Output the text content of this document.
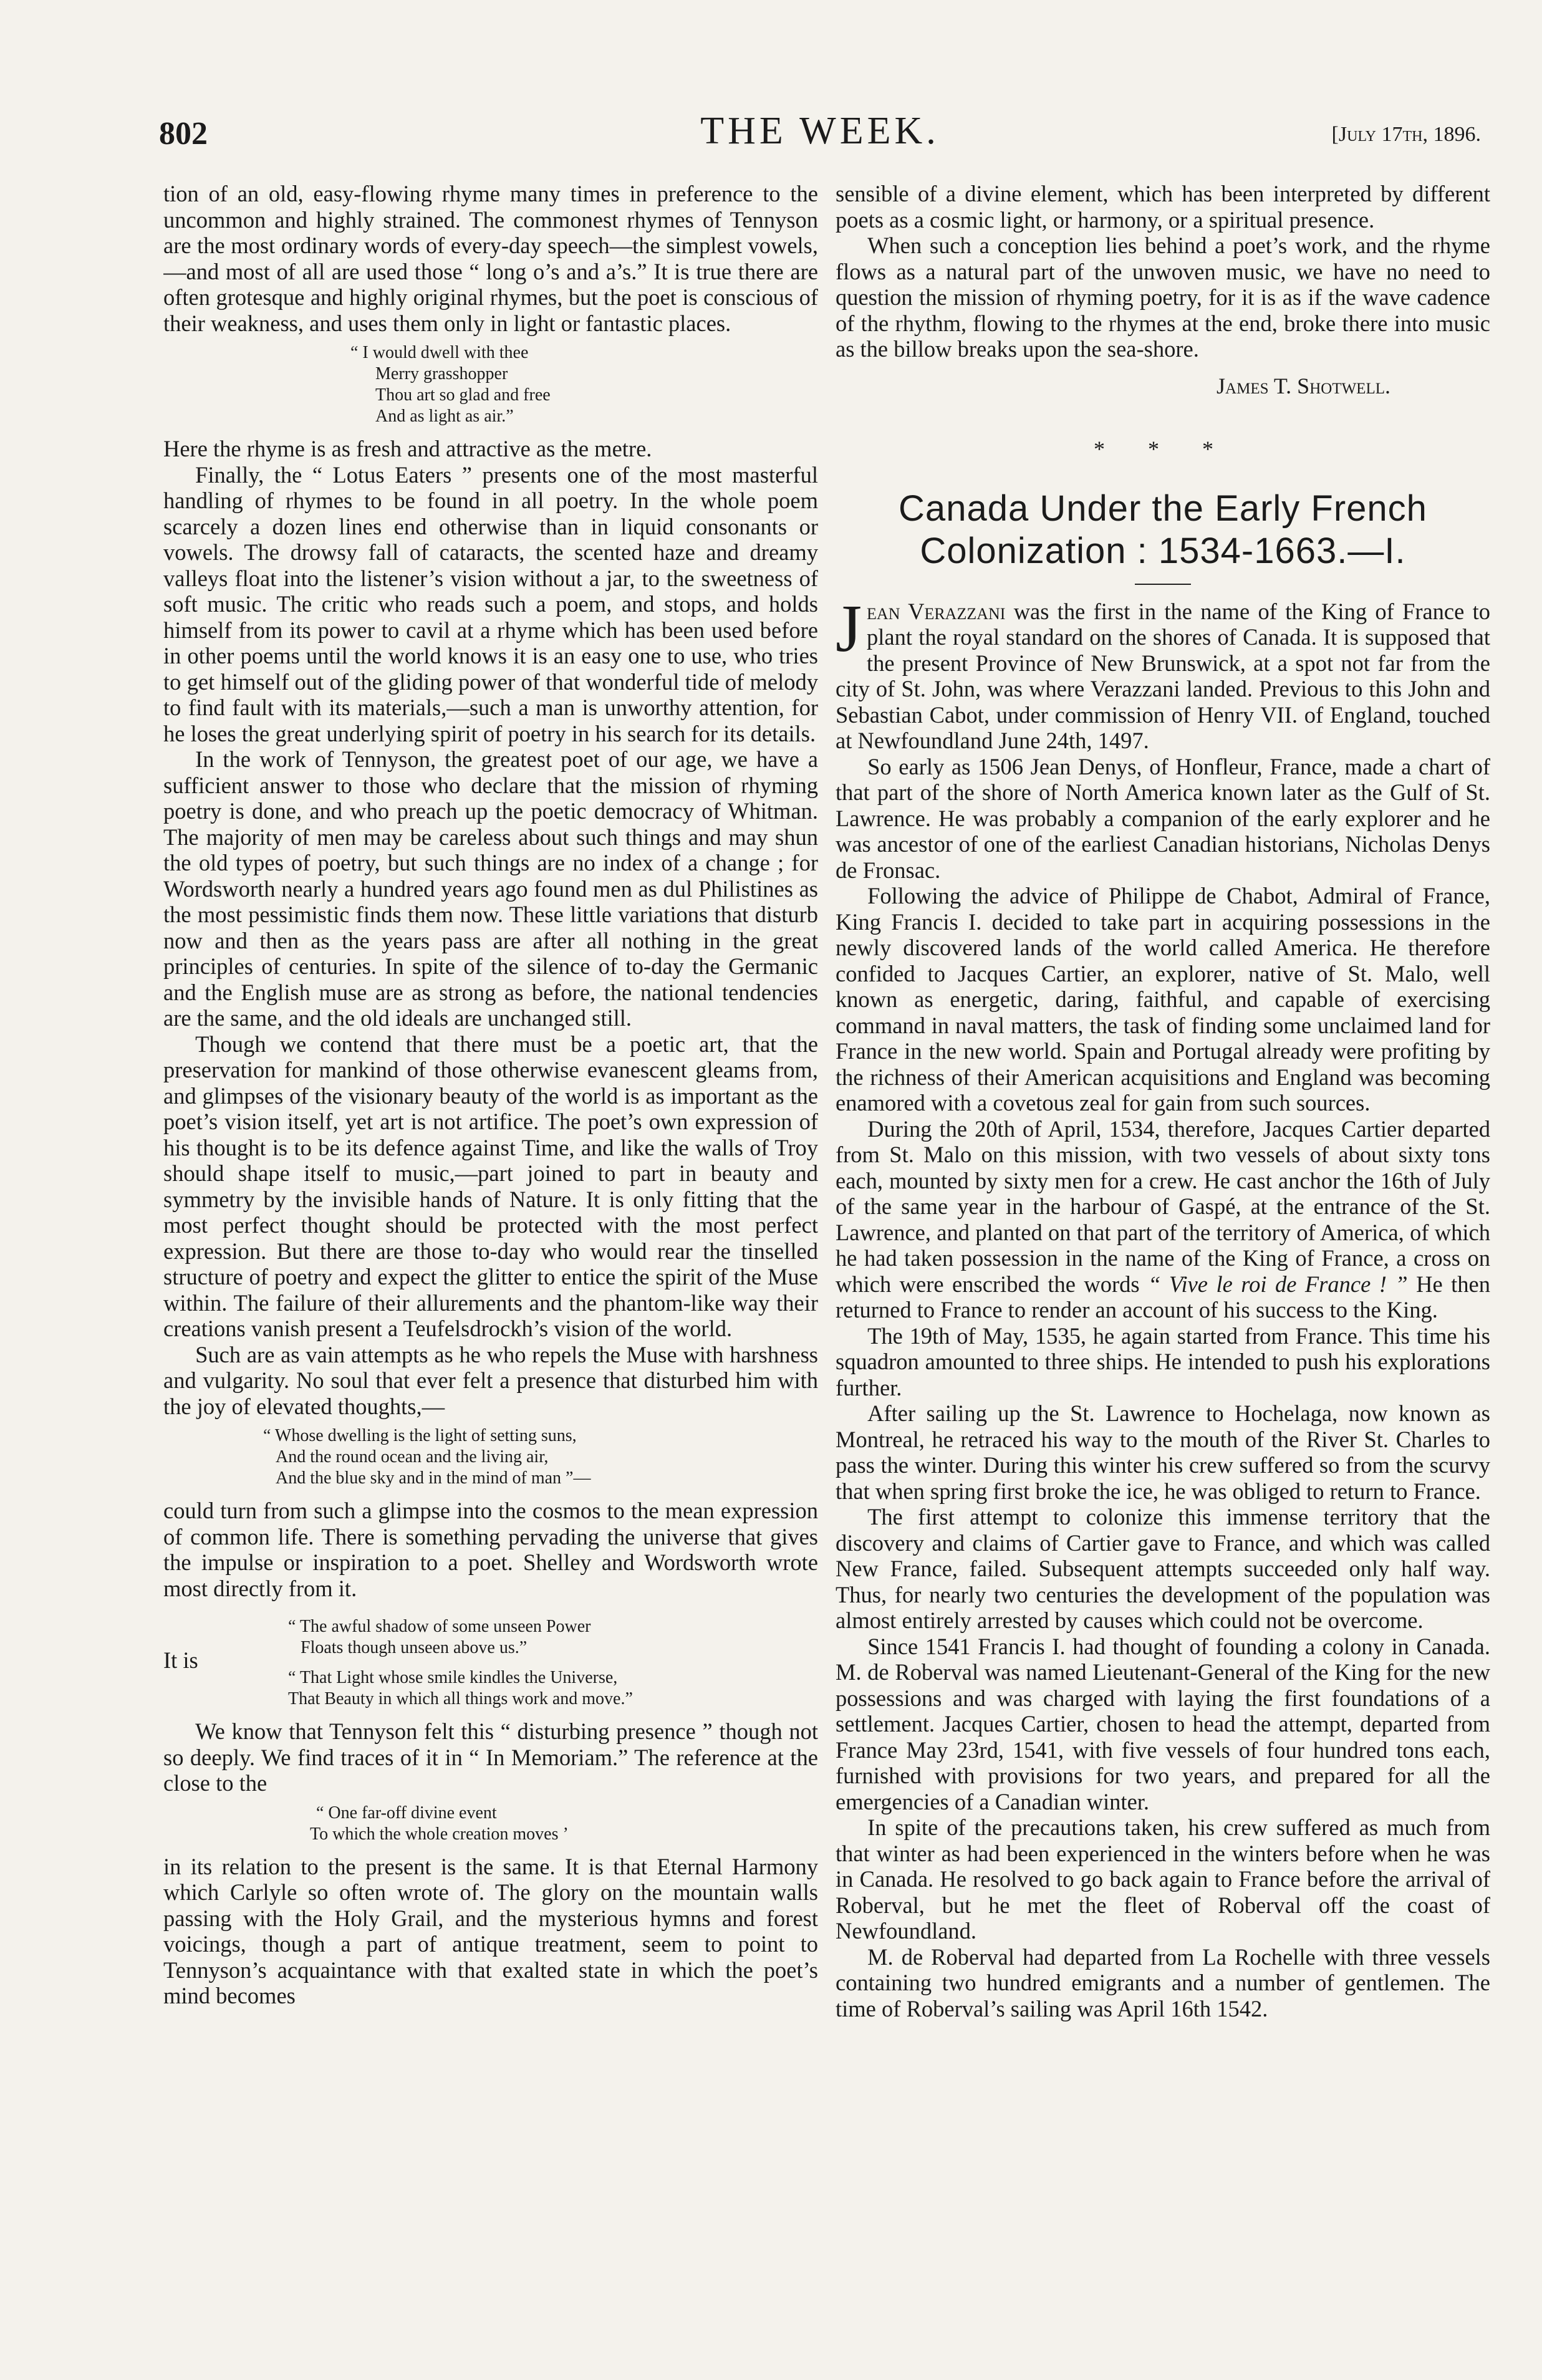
802	THE WEEK.	[July 17th, 1896.

tion of an old, easy-flowing rhyme many times in preference to the uncommon and highly strained. The commonest rhymes of Tennyson are the most ordinary words of every-day speech—the simplest vowels,—and most of all are used those “ long o’s and a’s.” It is true there are often grotesque and highly original rhymes, but the poet is conscious of their weakness, and uses them only in light or fantastic places.

“ I would dwell with thee
Merry grasshopper
Thou art so glad and free
And as light as air.”

Here the rhyme is as fresh and attractive as the metre.

Finally, the “ Lotus Eaters ” presents one of the most masterful handling of rhymes to be found in all poetry. In the whole poem scarcely a dozen lines end otherwise than in liquid consonants or vowels. The drowsy fall of cataracts, the scented haze and dreamy valleys float into the listener’s vision without a jar, to the sweetness of soft music. The critic who reads such a poem, and stops, and holds himself from its power to cavil at a rhyme which has been used before in other poems until the world knows it is an easy one to use, who tries to get himself out of the gliding power of that wonderful tide of melody to find fault with its materials,—such a man is unworthy attention, for he loses the great underlying spirit of poetry in his search for its details.

In the work of Tennyson, the greatest poet of our age, we have a sufficient answer to those who declare that the mission of rhyming poetry is done, and who preach up the poetic democracy of Whitman. The majority of men may be careless about such things and may shun the old types of poetry, but such things are no index of a change ; for Wordsworth nearly a hundred years ago found men as dul Philistines as the most pessimistic finds them now. These little variations that disturb now and then as the years pass are after all nothing in the great principles of centuries. In spite of the silence of to-day the Germanic and the English muse are as strong as before, the national tendencies are the same, and the old ideals are unchanged still.

Though we contend that there must be a poetic art, that the preservation for mankind of those otherwise evanescent gleams from, and glimpses of the visionary beauty of the world is as important as the poet’s vision itself, yet art is not artifice. The poet’s own expression of his thought is to be its defence against Time, and like the walls of Troy should shape itself to music,—part joined to part in beauty and symmetry by the invisible hands of Nature. It is only fitting that the most perfect thought should be protected with the most perfect expression. But there are those to-day who would rear the tinselled structure of poetry and expect the glitter to entice the spirit of the Muse within. The failure of their allurements and the phantom-like way their creations vanish present a Teufelsdrockh’s vision of the world.

Such are as vain attempts as he who repels the Muse with harshness and vulgarity. No soul that ever felt a presence that disturbed him with the joy of elevated thoughts,—

“ Whose dwelling is the light of setting suns,
And the round ocean and the living air,
And the blue sky and in the mind of man ”—

could turn from such a glimpse into the cosmos to the mean expression of common life. There is something pervading the universe that gives the impulse or inspiration to a poet. Shelley and Wordsworth wrote most directly from it.

“ The awful shadow of some unseen Power
Floats though unseen above us.”
It is
“ That Light whose smile kindles the Universe,
That Beauty in which all things work and move.”

We know that Tennyson felt this “ disturbing presence ” though not so deeply. We find traces of it in “ In Memoriam.” The reference at the close to the

“ One far-off divine event
To which the whole creation moves ’

in its relation to the present is the same. It is that Eternal Harmony which Carlyle so often wrote of. The glory on the mountain walls passing with the Holy Grail, and the mysterious hymns and forest voicings, though a part of antique treatment, seem to point to Tennyson’s acquaintance with that exalted state in which the poet’s mind becomes

sensible of a divine element, which has been interpreted by different poets as a cosmic light, or harmony, or a spiritual presence.

When such a conception lies behind a poet’s work, and the rhyme flows as a natural part of the unwoven music, we have no need to question the mission of rhyming poetry, for it is as if the wave cadence of the rhythm, flowing to the rhymes at the end, broke there into music as the billow breaks upon the sea-shore.

James T. Shotwell.
* * *
Canada Under the Early French Colonization : 1534-1663.—I.

Jean Verazzani was the first in the name of the King of France to plant the royal standard on the shores of Canada. It is supposed that the present Province of New Brunswick, at a spot not far from the city of St. John, was where Verazzani landed. Previous to this John and Sebastian Cabot, under commission of Henry VII. of England, touched at Newfoundland June 24th, 1497.

So early as 1506 Jean Denys, of Honfleur, France, made a chart of that part of the shore of North America known later as the Gulf of St. Lawrence. He was probably a companion of the early explorer and he was ancestor of one of the earliest Canadian historians, Nicholas Denys de Fronsac.

Following the advice of Philippe de Chabot, Admiral of France, King Francis I. decided to take part in acquiring possessions in the newly discovered lands of the world called America. He therefore confided to Jacques Cartier, an explorer, native of St. Malo, well known as energetic, daring, faithful, and capable of exercising command in naval matters, the task of finding some unclaimed land for France in the new world. Spain and Portugal already were profiting by the richness of their American acquisitions and England was becoming enamored with a covetous zeal for gain from such sources.

During the 20th of April, 1534, therefore, Jacques Cartier departed from St. Malo on this mission, with two vessels of about sixty tons each, mounted by sixty men for a crew. He cast anchor the 16th of July of the same year in the harbour of Gaspé, at the entrance of the St. Lawrence, and planted on that part of the territory of America, of which he had taken possession in the name of the King of France, a cross on which were enscribed the words “ Vive le roi de France ! ” He then returned to France to render an account of his success to the King.

The 19th of May, 1535, he again started from France. This time his squadron amounted to three ships. He intended to push his explorations further.

After sailing up the St. Lawrence to Hochelaga, now known as Montreal, he retraced his way to the mouth of the River St. Charles to pass the winter. During this winter his crew suffered so from the scurvy that when spring first broke the ice, he was obliged to return to France.

The first attempt to colonize this immense territory that the discovery and claims of Cartier gave to France, and which was called New France, failed. Subsequent attempts succeeded only half way. Thus, for nearly two centuries the development of the population was almost entirely arrested by causes which could not be overcome.

Since 1541 Francis I. had thought of founding a colony in Canada. M. de Roberval was named Lieutenant-General of the King for the new possessions and was charged with laying the first foundations of a settlement. Jacques Cartier, chosen to head the attempt, departed from France May 23rd, 1541, with five vessels of four hundred tons each, furnished with provisions for two years, and prepared for all the emergencies of a Canadian winter.

In spite of the precautions taken, his crew suffered as much from that winter as had been experienced in the winters before when he was in Canada. He resolved to go back again to France before the arrival of Roberval, but he met the fleet of Roberval off the coast of Newfoundland.

M. de Roberval had departed from La Rochelle with three vessels containing two hundred emigrants and a number of gentlemen. The time of Roberval’s sailing was April 16th 1542.
